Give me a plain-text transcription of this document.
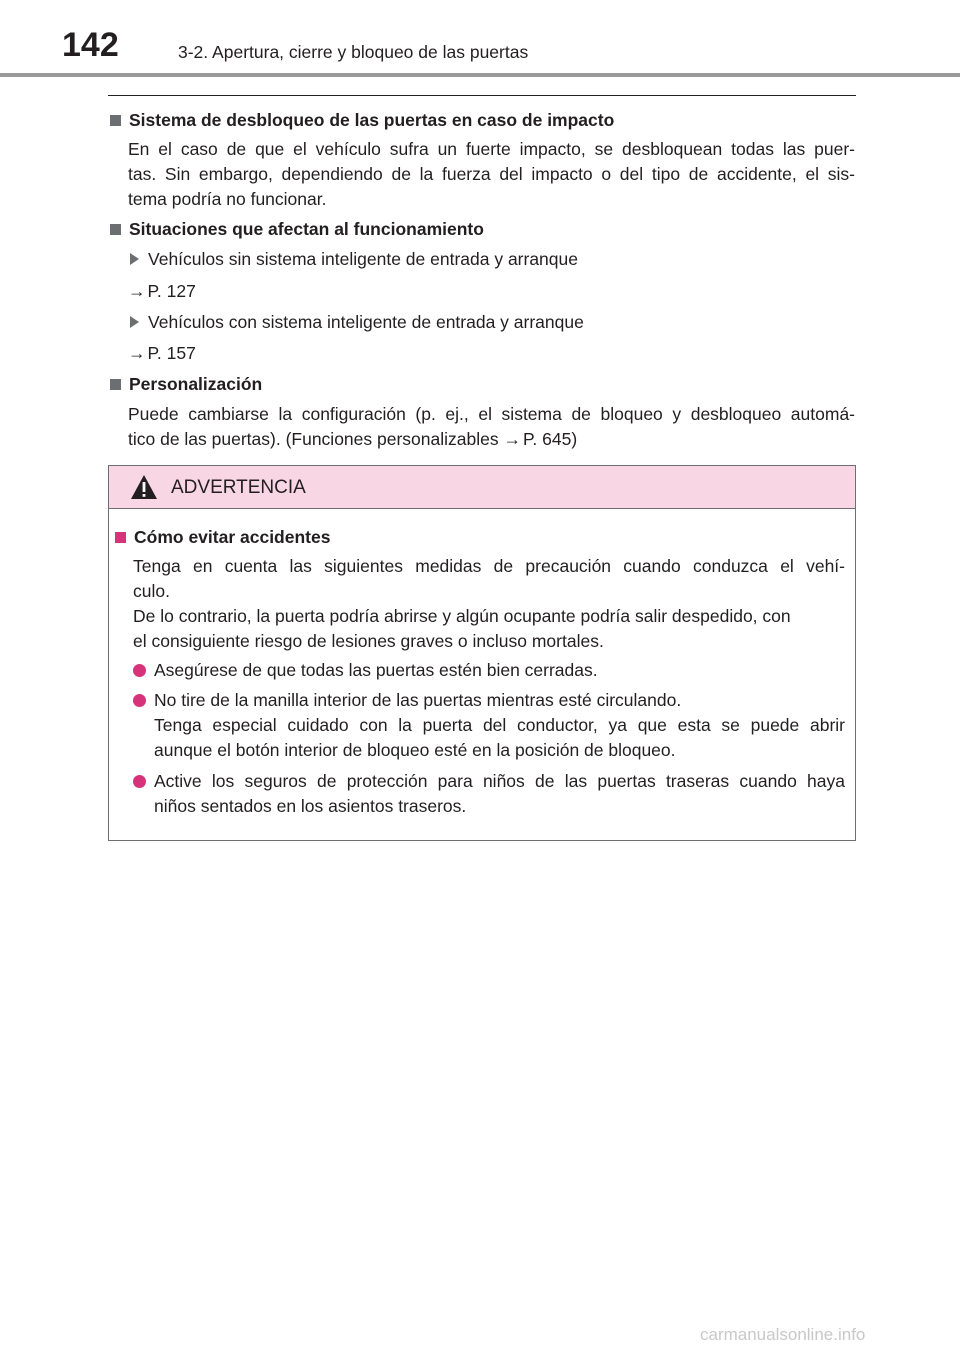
142	3-2. Apertura, cierre y bloqueo de las puertas
Sistema de desbloqueo de las puertas en caso de impacto
En el caso de que el vehículo sufra un fuerte impacto, se desbloquean todas las puer-
tas. Sin embargo, dependiendo de la fuerza del impacto o del tipo de accidente, el sis-
tema podría no funcionar.
Situaciones que afectan al funcionamiento
Vehículos sin sistema inteligente de entrada y arranque
→ P. 127
Vehículos con sistema inteligente de entrada y arranque
→ P. 157
Personalización
Puede cambiarse la configuración (p. ej., el sistema de bloqueo y desbloqueo automá-
tico de las puertas). (Funciones personalizables → P. 645)
ADVERTENCIA
Cómo evitar accidentes
Tenga en cuenta las siguientes medidas de precaución cuando conduzca el vehí-
culo.
De lo contrario, la puerta podría abrirse y algún ocupante podría salir despedido, con
el consiguiente riesgo de lesiones graves o incluso mortales.
Asegúrese de que todas las puertas estén bien cerradas.
No tire de la manilla interior de las puertas mientras esté circulando.
Tenga especial cuidado con la puerta del conductor, ya que esta se puede abrir
aunque el botón interior de bloqueo esté en la posición de bloqueo.
Active los seguros de protección para niños de las puertas traseras cuando haya
niños sentados en los asientos traseros.
carmanualsonline.info
